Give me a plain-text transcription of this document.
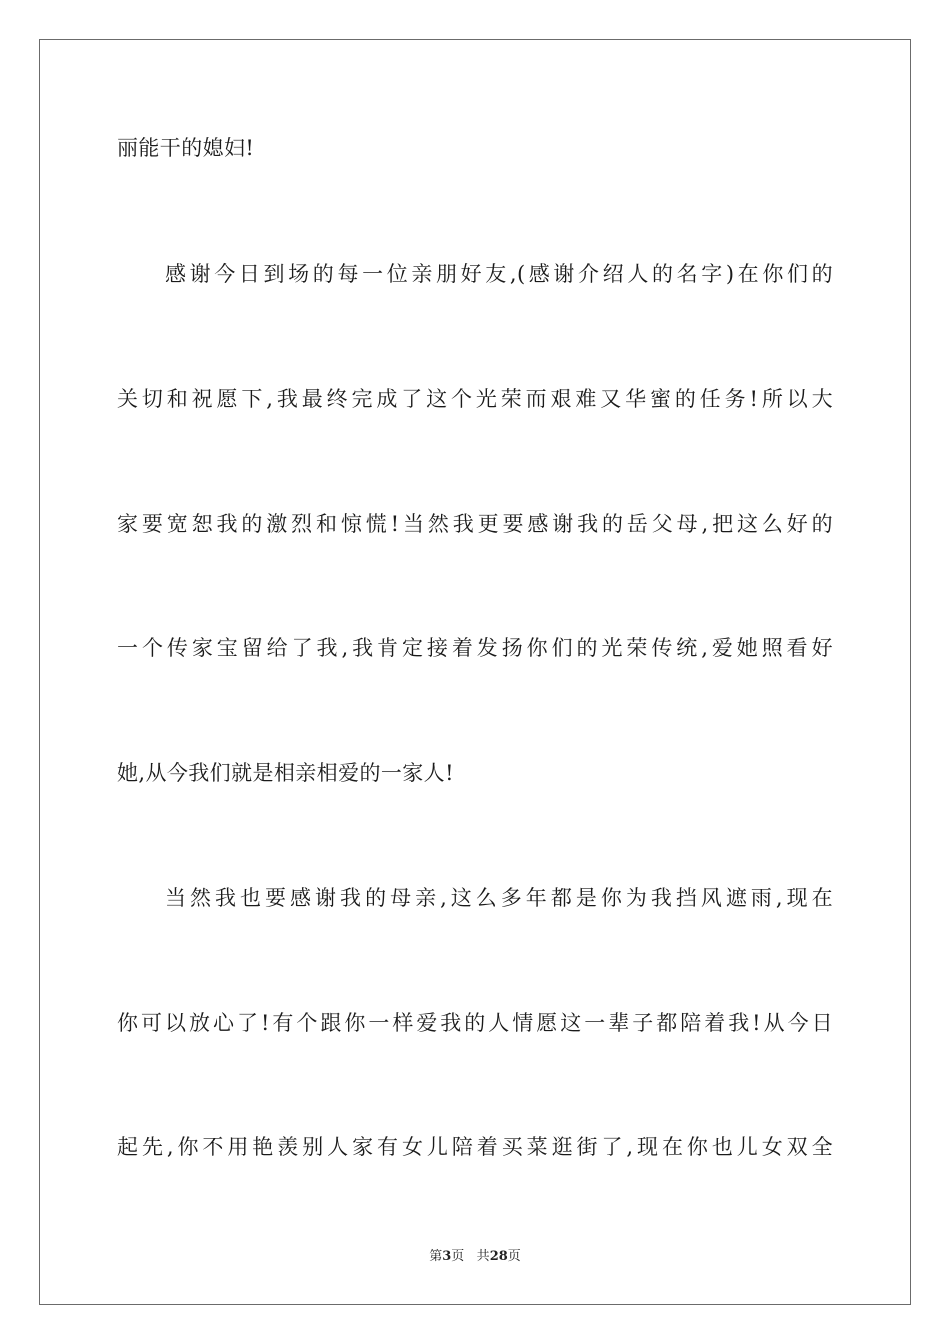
丽能干的媳妇!
感谢今日到场的每一位亲朋好友,(感谢介绍人的名字)在你们的
关切和祝愿下,我最终完成了这个光荣而艰难又华蜜的任务!所以大
家要宽恕我的激烈和惊慌!当然我更要感谢我的岳父母,把这么好的
一个传家宝留给了我,我肯定接着发扬你们的光荣传统,爱她照看好
她,从今我们就是相亲相爱的一家人!
当然我也要感谢我的母亲,这么多年都是你为我挡风遮雨,现在
你可以放心了!有个跟你一样爱我的人情愿这一辈子都陪着我!从今日
起先,你不用艳羡别人家有女儿陪着买菜逛街了,现在你也儿女双全
第3页 共28页
